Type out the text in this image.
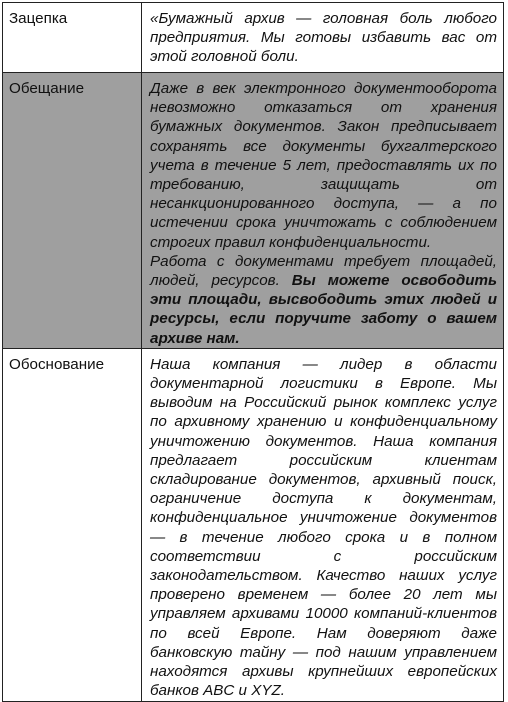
Зацепка	«Бумажный архив — головная боль любого предприятия. Мы готовы избавить вас от этой головной боли.
Обещание	Даже в век электронного документооборота невозможно отказаться от хранения бумажных документов. Закон предписывает сохранять все документы бухгалтерского учета в течение 5 лет, предоставлять их по требованию, защищать от несанкционированного доступа, — а по истечении срока уничтожать с соблюдением строгих правил конфиденциальности.

Работа с документами требует площадей, людей, ресурсов. Вы можете освободить эти площади, высвободить этих людей и ресурсы, если поручите заботу о вашем архиве нам.

Обоснование	Наша компания — лидер в области документарной логистики в Европе. Мы выводим на Российский рынок комплекс услуг по архивному хранению и конфиденциальному уничтожению документов. Наша компания предлагает российским клиентам складирование документов, архивный поиск, ограничение доступа к документам, конфиденциальное уничтожение документов — в течение любого срока и в полном соответствии с российским законодательством. Качество наших услуг проверено временем — более 20 лет мы управляем архивами 10000 компаний-клиентов по всей Европе. Нам доверяют даже банковскую тайну — под нашим управлением находятся архивы крупнейших европейских банков ABC и XYZ.
